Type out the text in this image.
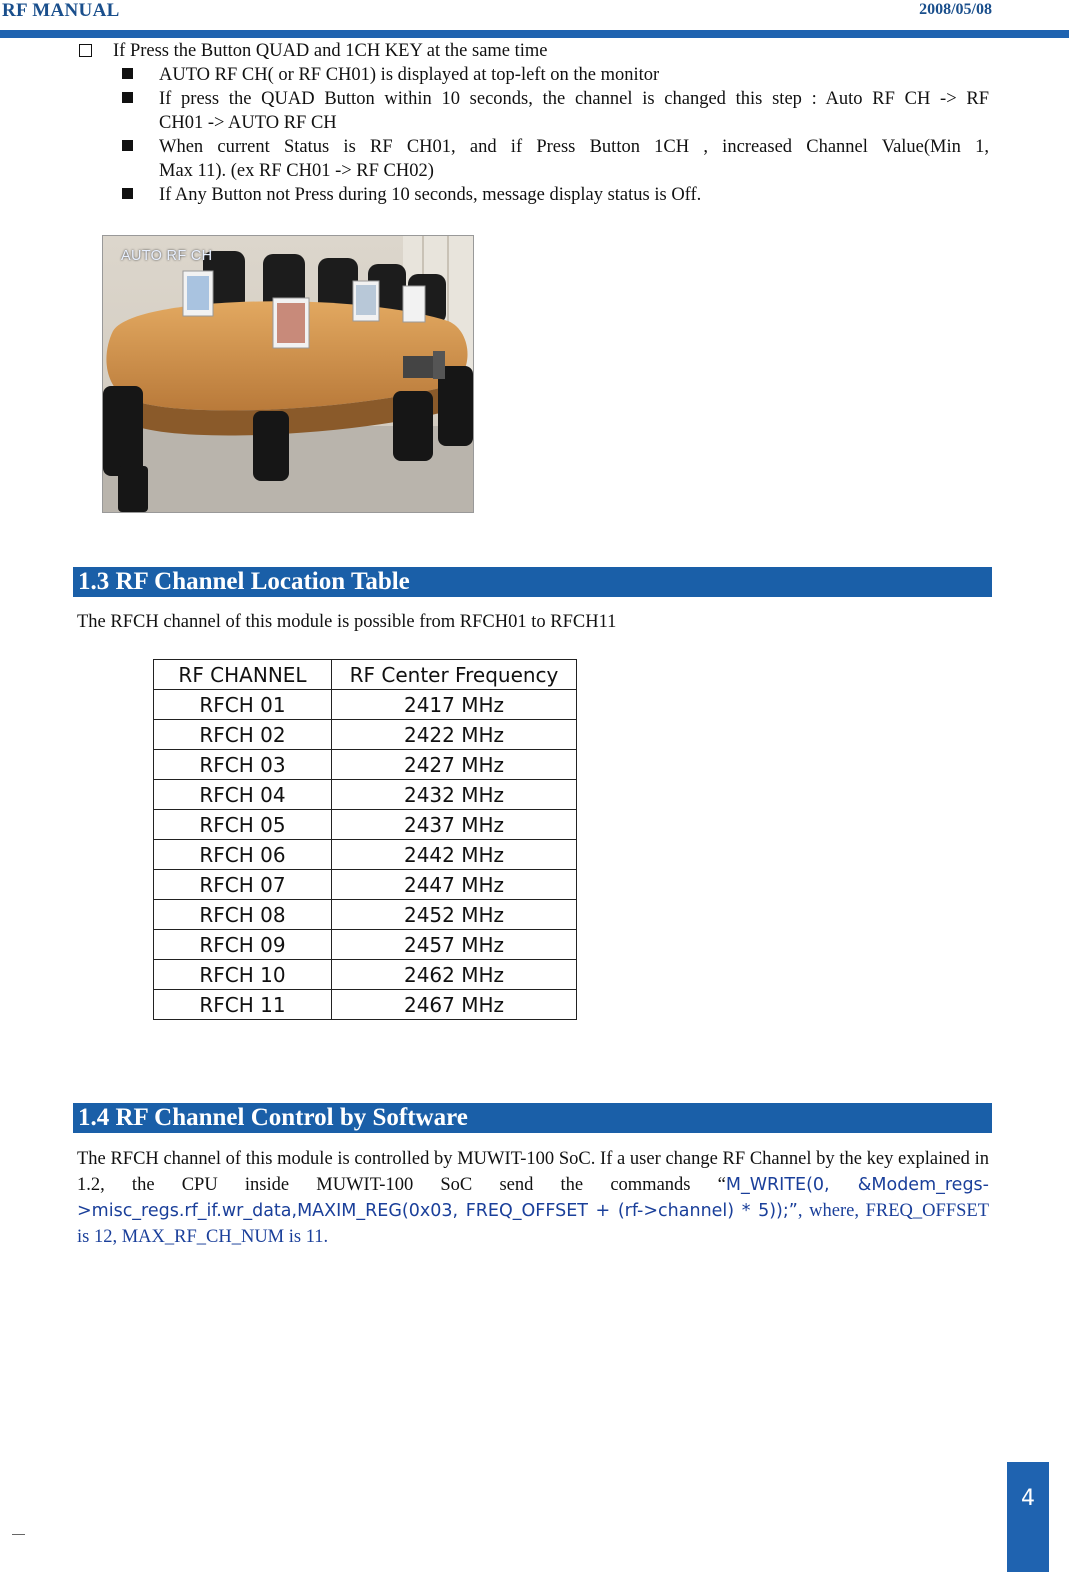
RF MANUAL	2008/05/08
If Press the Button QUAD and 1CH KEY at the same time
AUTO RF CH( or RF CH01) is displayed at top-left on the monitor
If press the QUAD Button within 10 seconds, the channel is changed this step : Auto RF CH -> RF
CH01 -> AUTO RF CH
When current Status is RF CH01, and if Press Button 1CH , increased Channel Value(Min 1,
Max 11). (ex RF CH01 -> RF CH02)
If Any Button not Press during 10 seconds, message display status is Off.
AUTO RF CH
1.3 RF Channel Location Table
The RFCH channel of this module is possible from RFCH01 to RFCH11
RF CHANNEL	RF Center Frequency
RFCH 01	2417 MHz
RFCH 02	2422 MHz
RFCH 03	2427 MHz
RFCH 04	2432 MHz
RFCH 05	2437 MHz
RFCH 06	2442 MHz
RFCH 07	2447 MHz
RFCH 08	2452 MHz
RFCH 09	2457 MHz
RFCH 10	2462 MHz
RFCH 11	2467 MHz
1.4 RF Channel Control by Software
The RFCH channel of this module is controlled by MUWIT-100 SoC. If a user change RF Channel by the key explained in 1.2, the CPU inside MUWIT-100 SoC send the commands “M_WRITE(0, &Modem_regs->misc_regs.rf_if.wr_data,MAXIM_REG(0x03, FREQ_OFFSET + (rf->channel) * 5));”, where, FREQ_OFFSET is 12, MAX_RF_CH_NUM is 11.
4
